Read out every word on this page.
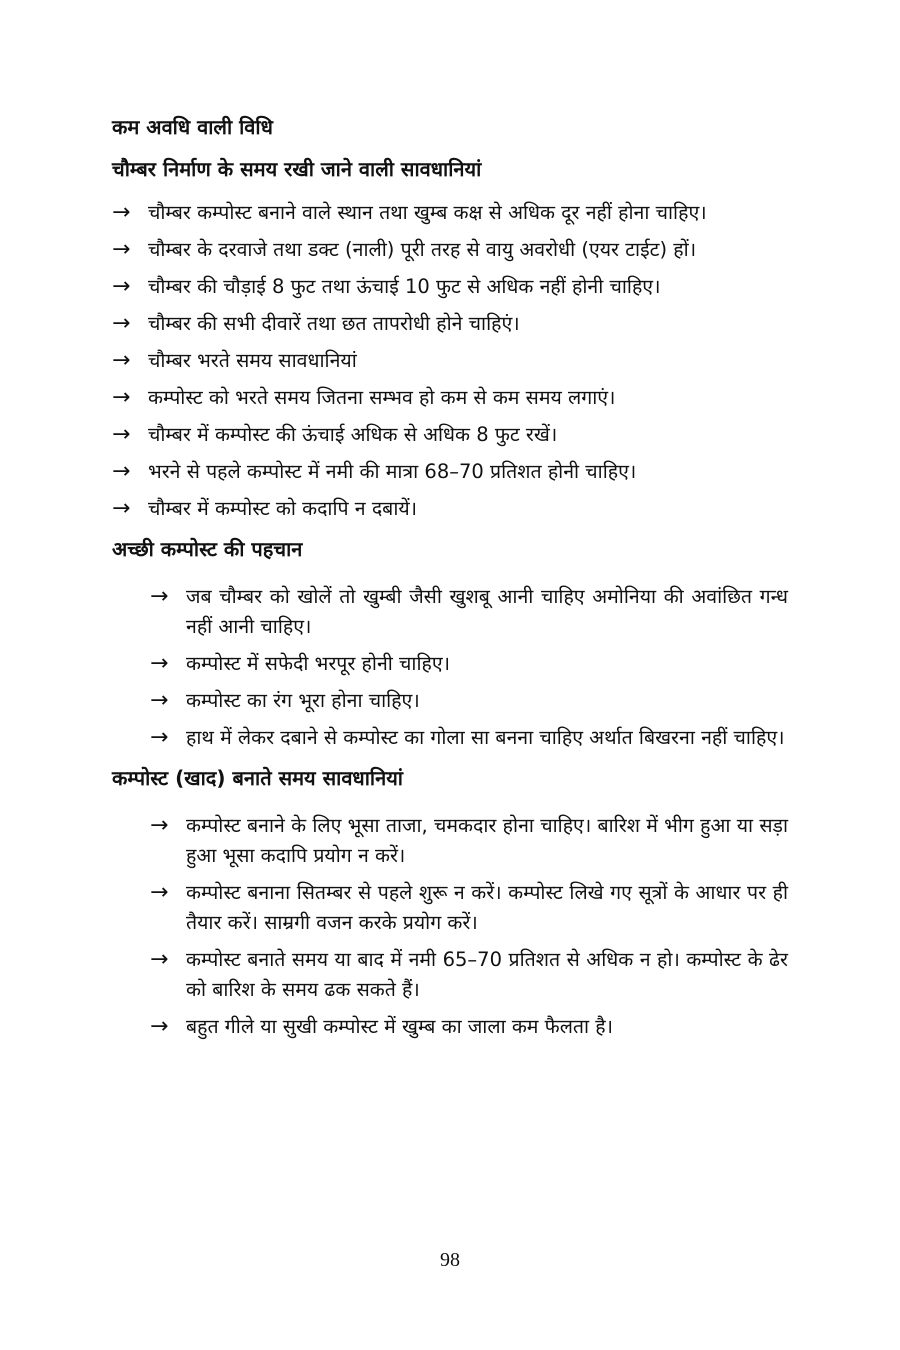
कम अवधि वाली विधि
चौम्बर निर्माण के समय रखी जाने वाली सावधानियां
→ चौम्बर कम्पोस्ट बनाने वाले स्थान तथा खुम्ब कक्ष से अधिक दूर नहीं होना चाहिए।
→ चौम्बर के दरवाजे तथा डक्ट (नाली) पूरी तरह से वायु अवरोधी (एयर टाईट) हों।
→ चौम्बर की चौड़ाई 8 फुट तथा ऊंचाई 10 फुट से अधिक नहीं होनी चाहिए।
→ चौम्बर की सभी दीवारें तथा छत तापरोधी होने चाहिएं।
→ चौम्बर भरते समय सावधानियां
→ कम्पोस्ट को भरते समय जितना सम्भव हो कम से कम समय लगाएं।
→ चौम्बर में कम्पोस्ट की ऊंचाई अधिक से अधिक 8 फुट रखें।
→ भरने से पहले कम्पोस्ट में नमी की मात्रा 68–70 प्रतिशत होनी चाहिए।
→ चौम्बर में कम्पोस्ट को कदापि न दबायें।
अच्छी कम्पोस्ट की पहचान
→ जब चौम्बर को खोलें तो खुम्बी जैसी खुशबू आनी चाहिए अमोनिया की अवांछित गन्ध नहीं आनी चाहिए।
→ कम्पोस्ट में सफेदी भरपूर होनी चाहिए।
→ कम्पोस्ट का रंग भूरा होना चाहिए।
→ हाथ में लेकर दबाने से कम्पोस्ट का गोला सा बनना चाहिए अर्थात बिखरना नहीं चाहिए।
कम्पोस्ट (खाद) बनाते समय सावधानियां
→ कम्पोस्ट बनाने के लिए भूसा ताजा, चमकदार होना चाहिए। बारिश में भीग हुआ या सड़ा हुआ भूसा कदापि प्रयोग न करें।
→ कम्पोस्ट बनाना सितम्बर से पहले शुरू न करें। कम्पोस्ट लिखे गए सूत्रों के आधार पर ही तैयार करें। साम्रगी वजन करके प्रयोग करें।
→ कम्पोस्ट बनाते समय या बाद में नमी 65–70 प्रतिशत से अधिक न हो। कम्पोस्ट के ढेर को बारिश के समय ढक सकते हैं।
→ बहुत गीले या सुखी कम्पोस्ट में खुम्ब का जाला कम फैलता है।
98
